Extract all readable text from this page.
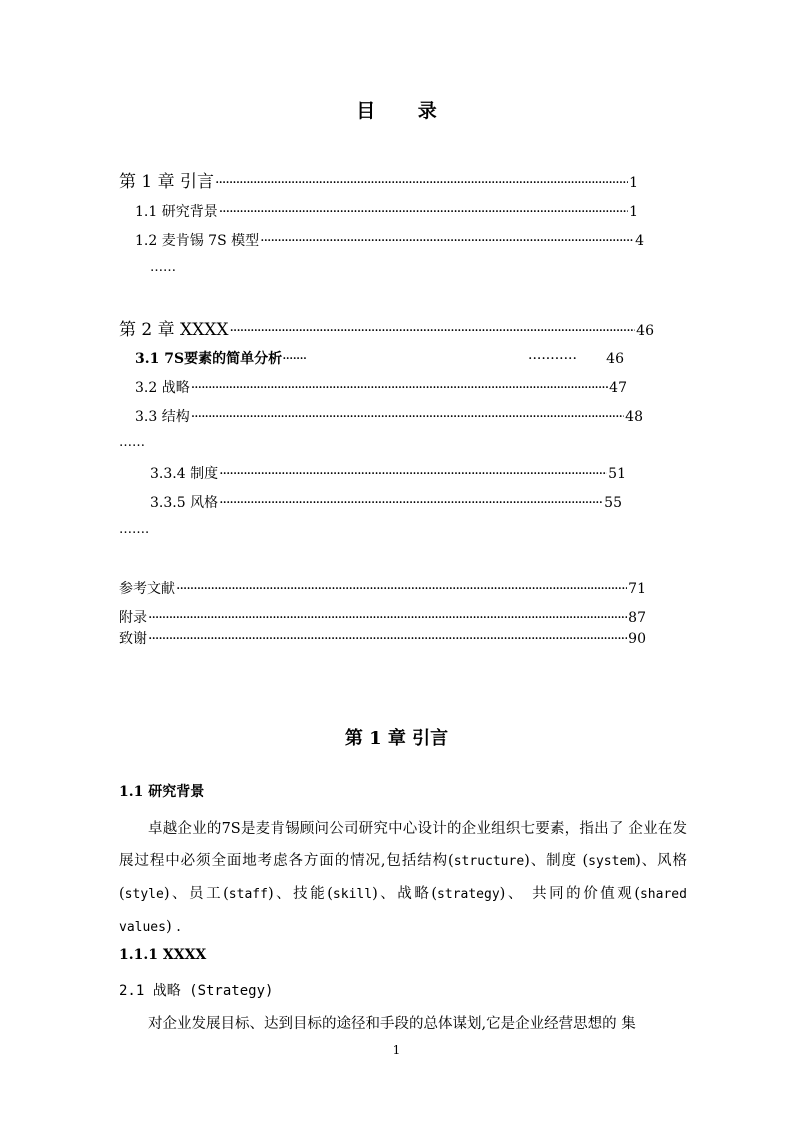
目 录
第 1 章 引言 ·····	1
1.1 研究背景 ·····	1
1.2 麦肯锡 7S 模型 ·····	4
……
第 2 章 XXXX ·····	46
3.1 7S要素的简单分析·······	··········· 46
3.2 战略 ·····	47
3.3 结构 ·····	48
……
3.3.4 制度 ·····	51
3.3.5 风格 ·····	55
…….
参考文献 ·····	71
附录 ·····	87
致谢 ·····	90
第 1 章 引言
1.1 研究背景
卓越企业的7S是麦肯锡顾问公司研究中心设计的企业组织七要素，指出了 企业在发展过程中必须全面地考虑各方面的情况,包括结构(structure)、制度 (system)、风格(style)、员工(staff)、技能(skill)、战略(strategy)、 共同的价值观(shared values) .
1.1.1 XXXX
2.1 战略 (Strategy)
对企业发展目标、达到目标的途径和手段的总体谋划,它是企业经营思想的 集
1
